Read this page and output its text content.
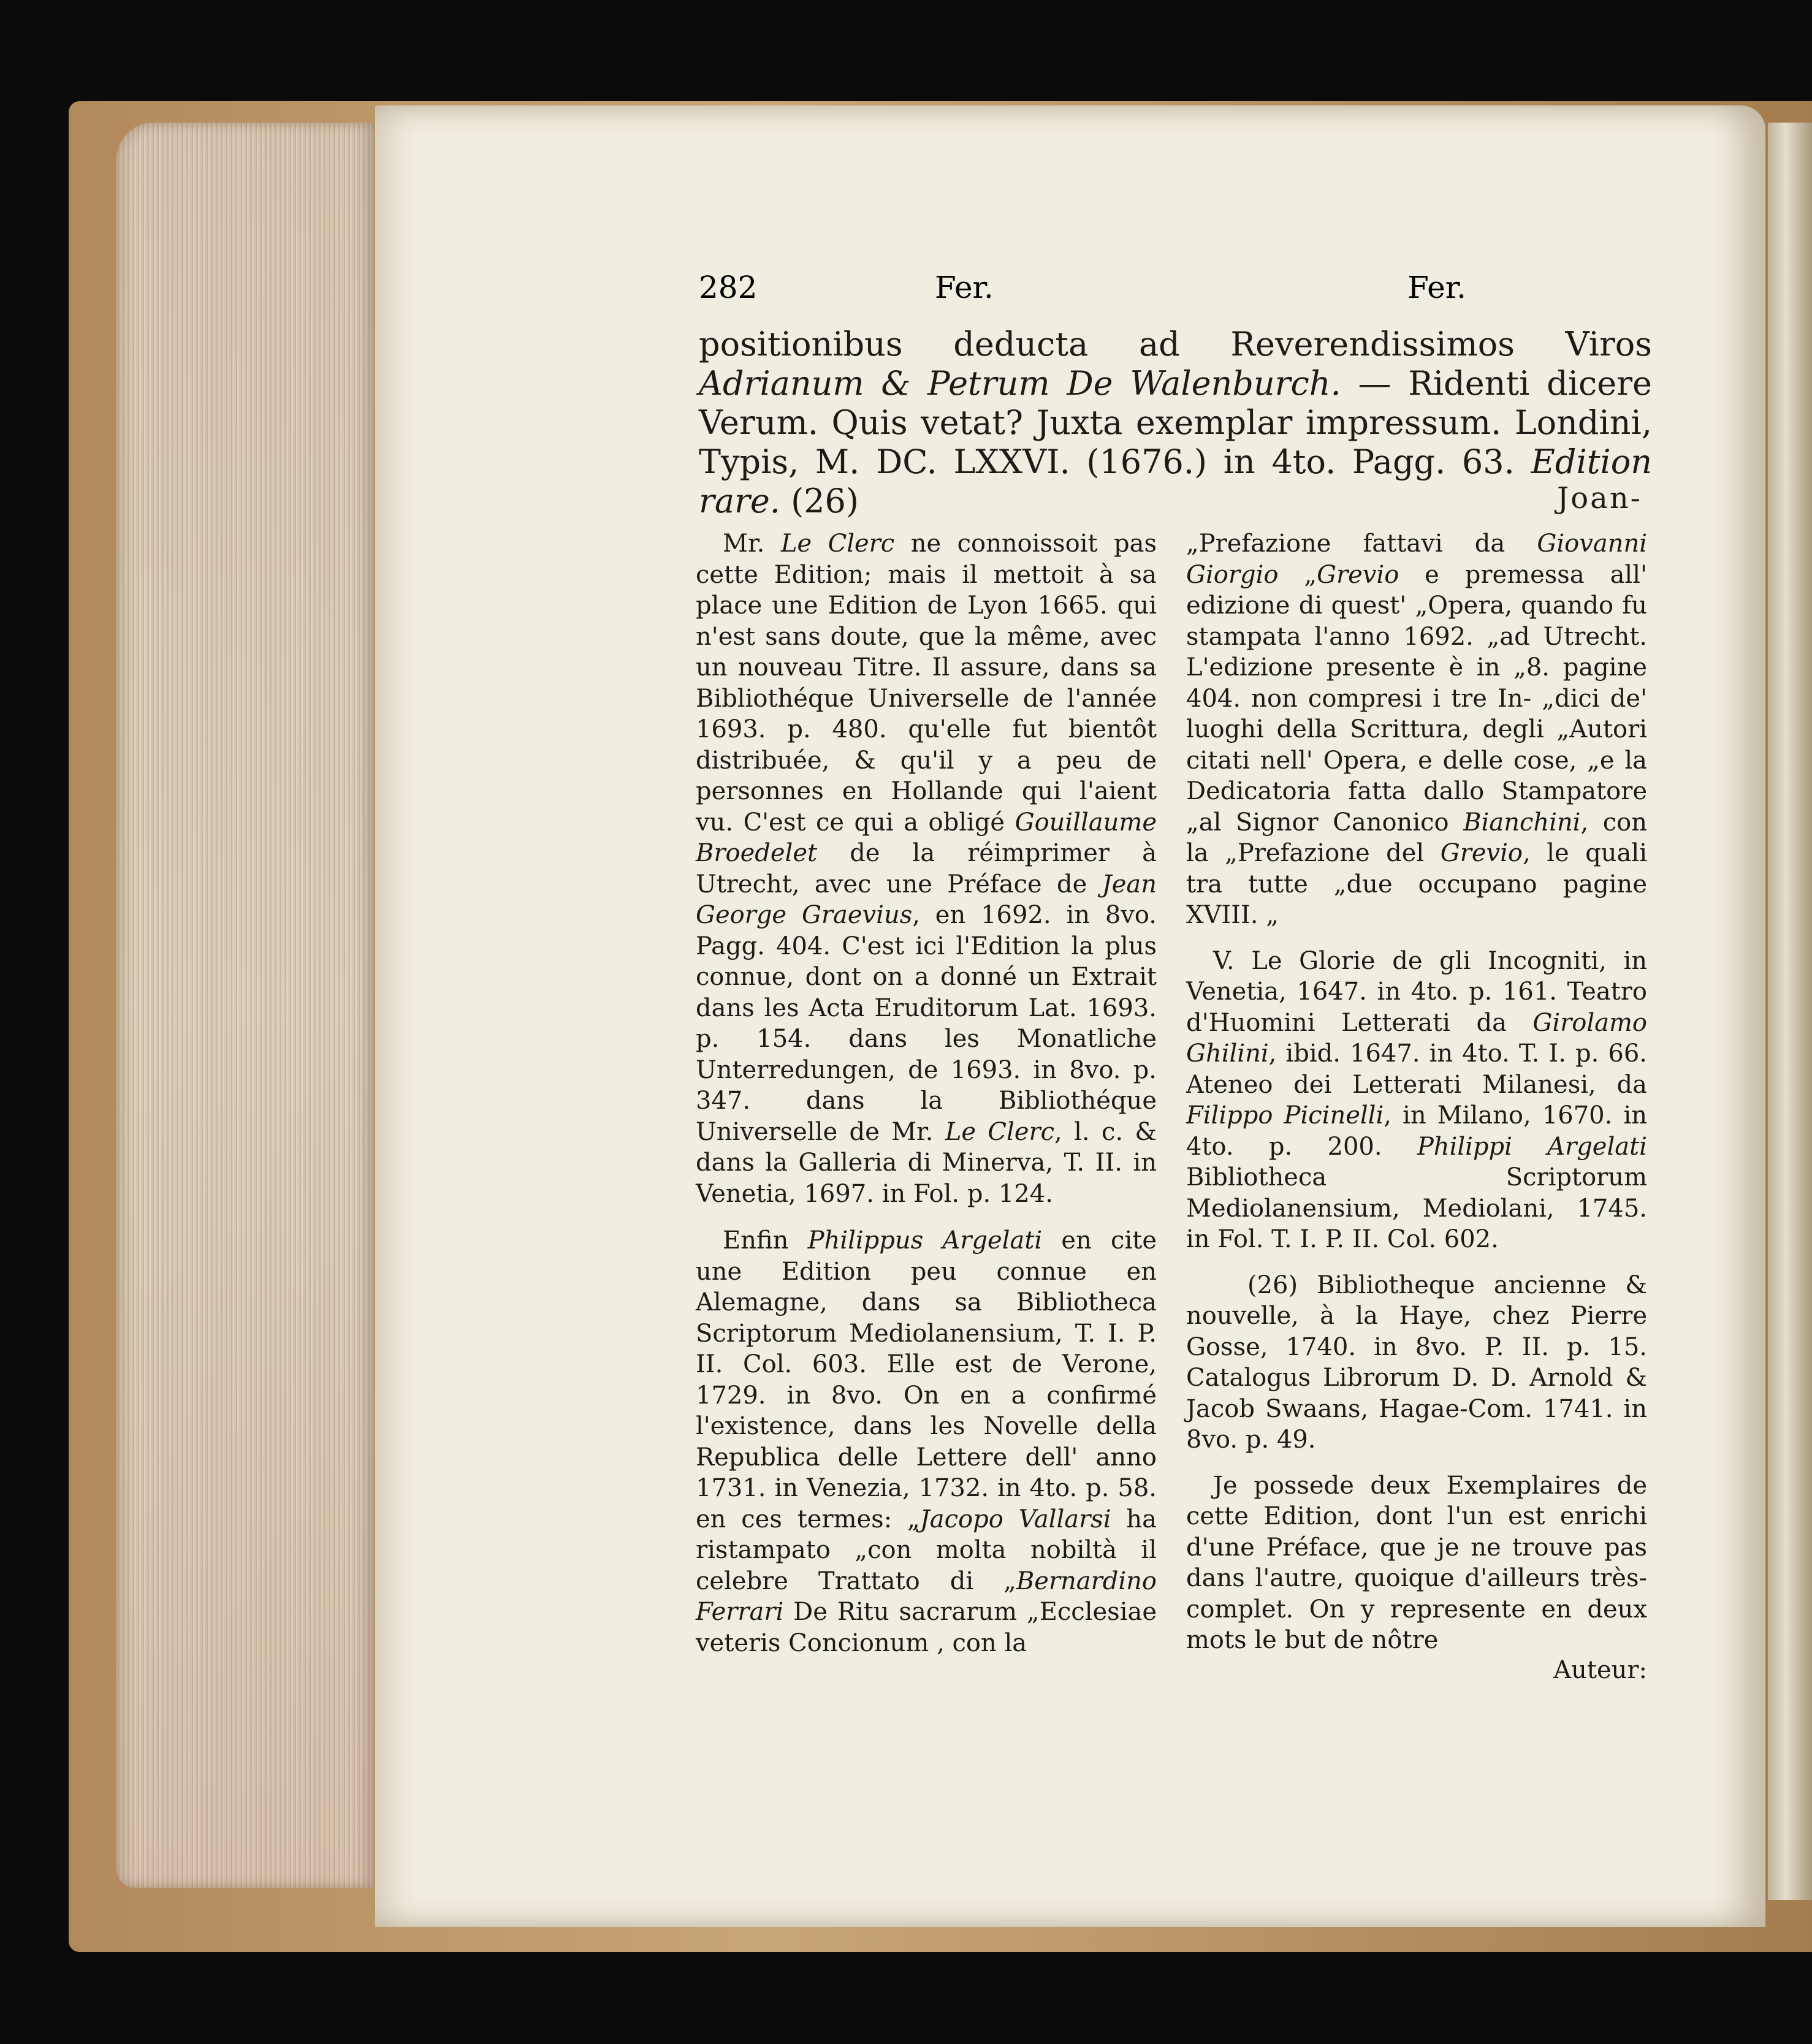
282	Fer.	Fer.
positionibus deducta ad Reverendissimos Viros Adrianum & Petrum De Walenburch. — Ridenti dicere Verum. Quis vetat? Juxta exemplar impressum. Londini, Typis, M. DC. LXXVI. (1676.) in 4to. Pagg. 63. Edition rare. (26)	Joan-

Mr. Le Clerc ne connoissoit pas cette Edition; mais il mettoit à sa place une Edition de Lyon 1665. qui n'est sans doute, que la même, avec un nouveau Titre. Il assure, dans sa Bibliothéque Universelle de l'année 1693. p. 480. qu'elle fut bientôt distribuée, & qu'il y a peu de personnes en Hollande qui l'aient vu. C'est ce qui a obligé Gouillaume Broedelet de la réimprimer à Utrecht, avec une Préface de Jean George Graevius, en 1692. in 8vo. Pagg. 404. C'est ici l'Edition la plus connue, dont on a donné un Extrait dans les Acta Eruditorum Lat. 1693. p. 154. dans les Monatliche Unterredungen, de 1693. in 8vo. p. 347. dans la Bibliothéque Universelle de Mr. Le Clerc, l. c. & dans la Galleria di Minerva, T. II. in Venetia, 1697. in Fol. p. 124.

Enfin Philippus Argelati en cite une Edition peu connue en Alemagne, dans sa Bibliotheca Scriptorum Mediolanensium, T. I. P. II. Col. 603. Elle est de Verone, 1729. in 8vo. On en a confirmé l'existence, dans les Novelle della Republica delle Lettere dell' anno 1731. in Venezia, 1732. in 4to. p. 58. en ces termes: „Jacopo Vallarsi ha ristampato „con molta nobiltà il celebre Trattato di „Bernardino Ferrari De Ritu sacrarum „Ecclesiae veteris Concionum , con la

„Prefazione fattavi da Giovanni Giorgio „Grevio e premessa all' edizione di quest' „Opera, quando fu stampata l'anno 1692. „ad Utrecht. L'edizione presente è in „8. pagine 404. non compresi i tre In- „dici de' luoghi della Scrittura, degli „Autori citati nell' Opera, e delle cose, „e la Dedicatoria fatta dallo Stampatore „al Signor Canonico Bianchini, con la „Prefazione del Grevio, le quali tra tutte „due occupano pagine XVIII. „

V. Le Glorie de gli Incogniti, in Venetia, 1647. in 4to. p. 161. Teatro d'Huomini Letterati da Girolamo Ghilini, ibid. 1647. in 4to. T. I. p. 66. Ateneo dei Letterati Milanesi, da Filippo Picinelli, in Milano, 1670. in 4to. p. 200. Philippi Argelati Bibliotheca Scriptorum Mediolanensium, Mediolani, 1745. in Fol. T. I. P. II. Col. 602.

(26) Bibliotheque ancienne & nouvelle, à la Haye, chez Pierre Gosse, 1740. in 8vo. P. II. p. 15. Catalogus Librorum D. D. Arnold & Jacob Swaans, Hagae-Com. 1741. in 8vo. p. 49.

Je possede deux Exemplaires de cette Edition, dont l'un est enrichi d'une Préface, que je ne trouve pas dans l'autre, quoique d'ailleurs très-complet. On y represente en deux mots le but de nôtre

Auteur:
